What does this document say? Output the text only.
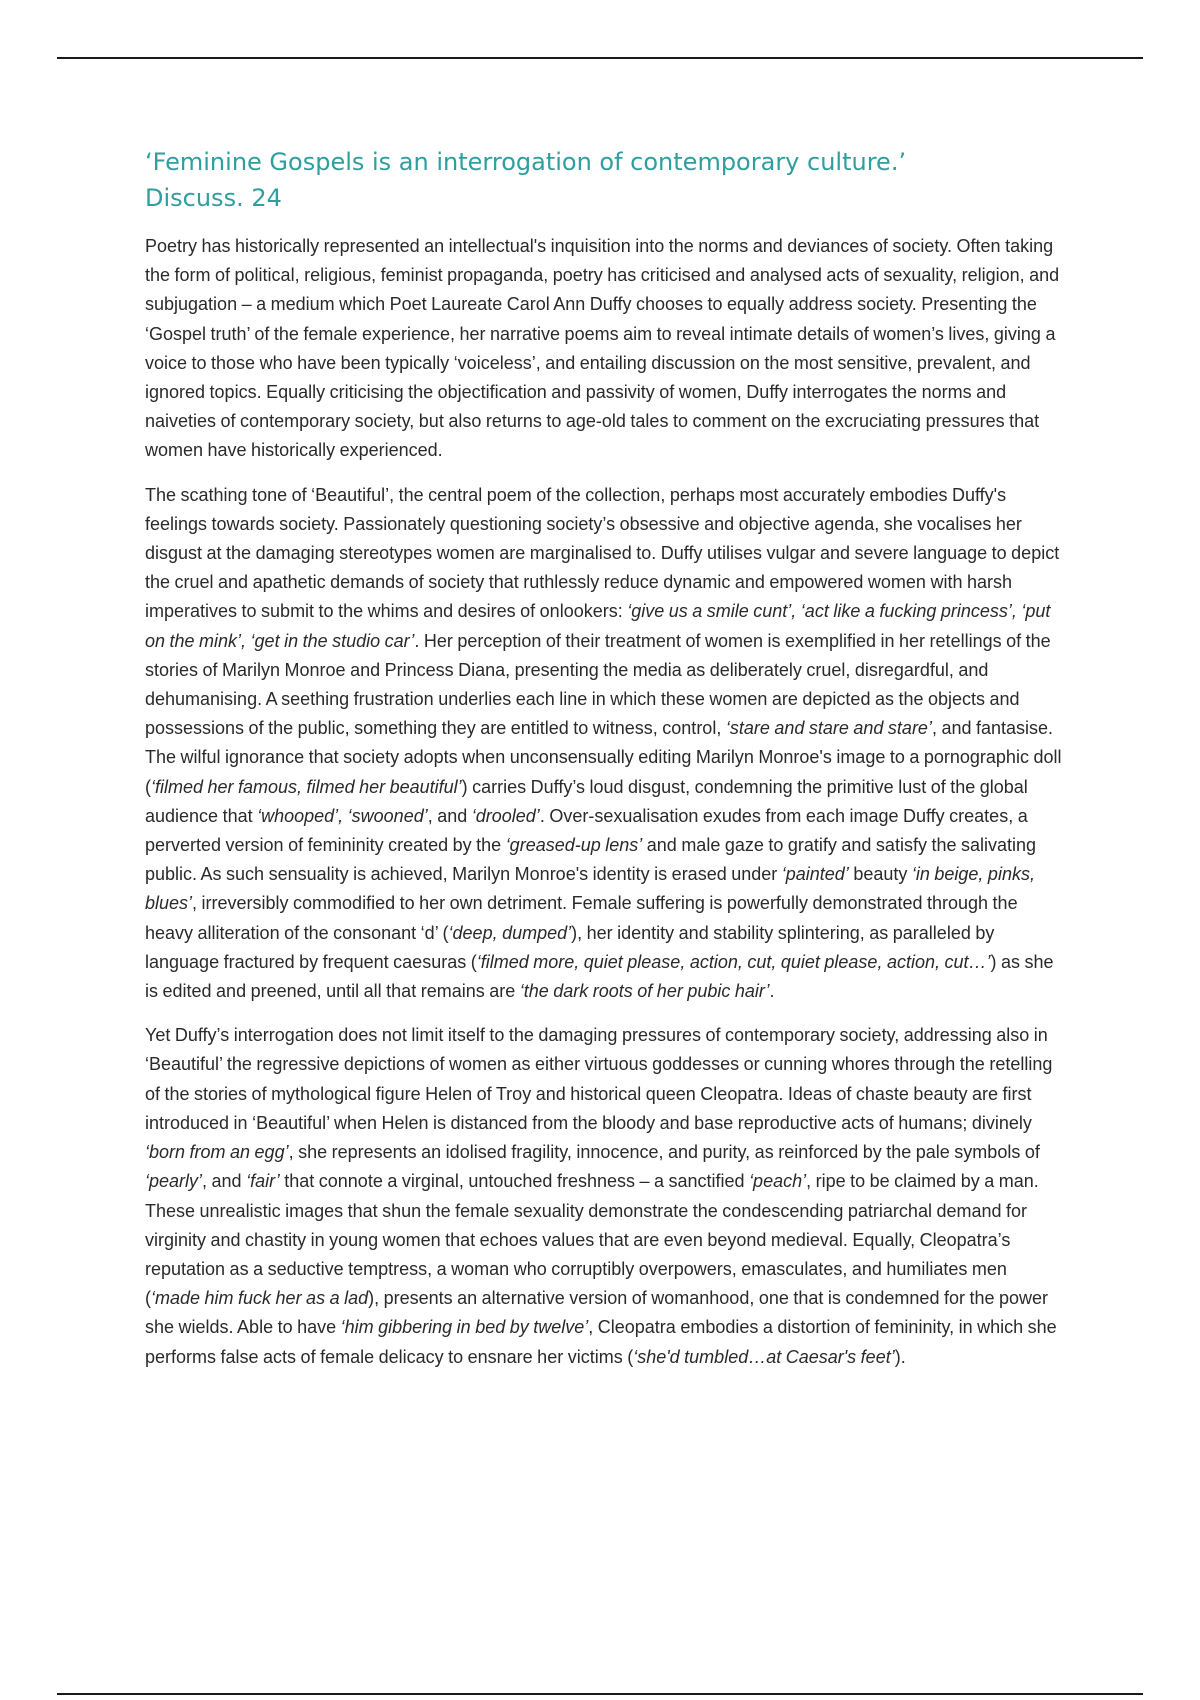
‘Feminine Gospels is an interrogation of contemporary culture.’
Discuss. 24

Poetry has historically represented an intellectual's inquisition into the norms and deviances of society. Often taking the form of political, religious, feminist propaganda, poetry has criticised and analysed acts of sexuality, religion, and subjugation – a medium which Poet Laureate Carol Ann Duffy chooses to equally address society. Presenting the ‘Gospel truth’ of the female experience, her narrative poems aim to reveal intimate details of women’s lives, giving a voice to those who have been typically ‘voiceless’, and entailing discussion on the most sensitive, prevalent, and ignored topics. Equally criticising the objectification and passivity of women, Duffy interrogates the norms and naiveties of contemporary society, but also returns to age-old tales to comment on the excruciating pressures that women have historically experienced.

The scathing tone of ‘Beautiful’, the central poem of the collection, perhaps most accurately embodies Duffy's feelings towards society. Passionately questioning society’s obsessive and objective agenda, she vocalises her disgust at the damaging stereotypes women are marginalised to. Duffy utilises vulgar and severe language to depict the cruel and apathetic demands of society that ruthlessly reduce dynamic and empowered women with harsh imperatives to submit to the whims and desires of onlookers: ‘give us a smile cunt’, ‘act like a fucking princess’, ‘put on the mink’, ‘get in the studio car’. Her perception of their treatment of women is exemplified in her retellings of the stories of Marilyn Monroe and Princess Diana, presenting the media as deliberately cruel, disregardful, and dehumanising. A seething frustration underlies each line in which these women are depicted as the objects and possessions of the public, something they are entitled to witness, control, ‘stare and stare and stare’, and fantasise. The wilful ignorance that society adopts when unconsensually editing Marilyn Monroe's image to a pornographic doll (‘filmed her famous, filmed her beautiful’) carries Duffy’s loud disgust, condemning the primitive lust of the global audience that ‘whooped’, ‘swooned’, and ‘drooled’. Over-sexualisation exudes from each image Duffy creates, a perverted version of femininity created by the ‘greased-up lens’ and male gaze to gratify and satisfy the salivating public. As such sensuality is achieved, Marilyn Monroe's identity is erased under ‘painted’ beauty ‘in beige, pinks, blues’, irreversibly commodified to her own detriment. Female suffering is powerfully demonstrated through the heavy alliteration of the consonant ‘d’ (‘deep, dumped’), her identity and stability splintering, as paralleled by language fractured by frequent caesuras (‘filmed more, quiet please, action, cut, quiet please, action, cut…’) as she is edited and preened, until all that remains are ‘the dark roots of her pubic hair’.

Yet Duffy’s interrogation does not limit itself to the damaging pressures of contemporary society, addressing also in ‘Beautiful’ the regressive depictions of women as either virtuous goddesses or cunning whores through the retelling of the stories of mythological figure Helen of Troy and historical queen Cleopatra. Ideas of chaste beauty are first introduced in ‘Beautiful’ when Helen is distanced from the bloody and base reproductive acts of humans; divinely ‘born from an egg’, she represents an idolised fragility, innocence, and purity, as reinforced by the pale symbols of ‘pearly’, and ‘fair’ that connote a virginal, untouched freshness – a sanctified ‘peach’, ripe to be claimed by a man. These unrealistic images that shun the female sexuality demonstrate the condescending patriarchal demand for virginity and chastity in young women that echoes values that are even beyond medieval. Equally, Cleopatra’s reputation as a seductive temptress, a woman who corruptibly overpowers, emasculates, and humiliates men (‘made him fuck her as a lad), presents an alternative version of womanhood, one that is condemned for the power she wields. Able to have ‘him gibbering in bed by twelve’, Cleopatra embodies a distortion of femininity, in which she performs false acts of female delicacy to ensnare her victims (‘she'd tumbled…at Caesar's feet’).
